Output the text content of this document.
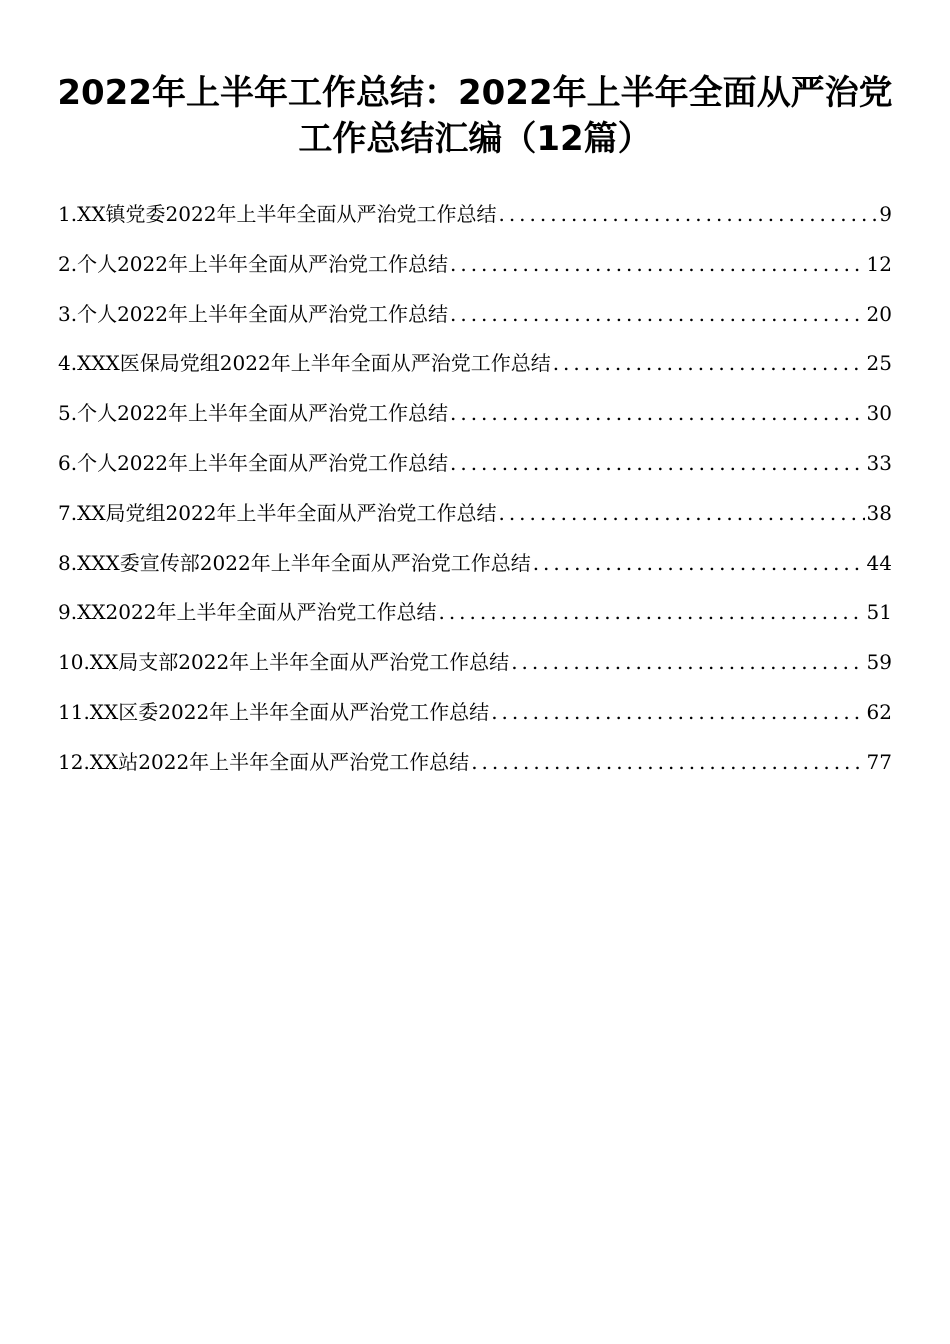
2022年上半年工作总结：2022年上半年全面从严治党
工作总结汇编（12篇）
1.XX镇党委2022年上半年全面从严治党工作总结 .....	9
2.个人2022年上半年全面从严治党工作总结 .....	12
3.个人2022年上半年全面从严治党工作总结 .....	20
4.XXX医保局党组2022年上半年全面从严治党工作总结 .....	25
5.个人2022年上半年全面从严治党工作总结 .....	30
6.个人2022年上半年全面从严治党工作总结 .....	33
7.XX局党组2022年上半年全面从严治党工作总结 .....	38
8.XXX委宣传部2022年上半年全面从严治党工作总结 .....	44
9.XX2022年上半年全面从严治党工作总结 .....	51
10.XX局支部2022年上半年全面从严治党工作总结 .....	59
11.XX区委2022年上半年全面从严治党工作总结 .....	62
12.XX站2022年上半年全面从严治党工作总结 .....	77
